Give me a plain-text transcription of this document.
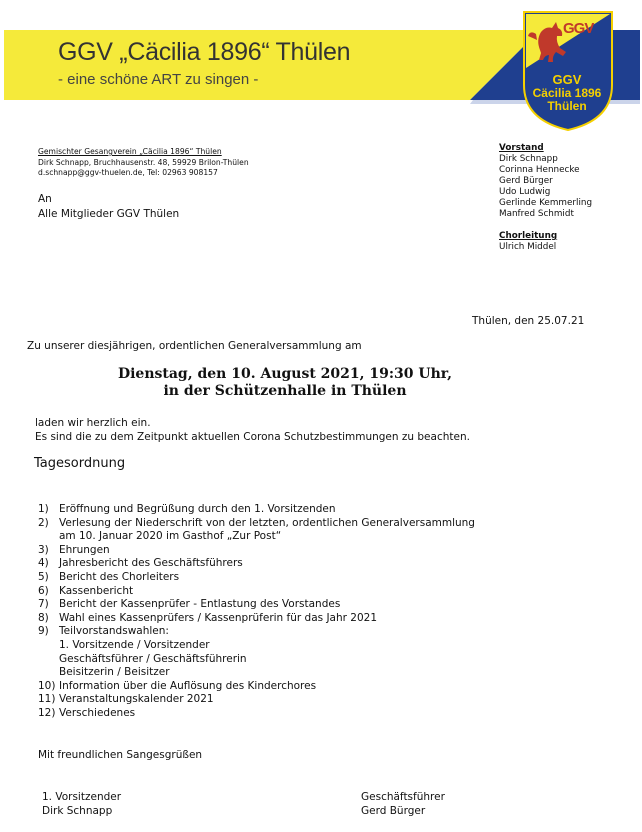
GGV „Cäcilia 1896“ Thülen
- eine schöne ART zu singen -
GGV
GGV
Cäcilia 1896
Thülen
Gemischter Gesangverein „Cäcilia 1896“ Thülen
Dirk Schnapp, Bruchhausenstr. 48, 59929 Brilon-Thülen
d.schnapp@ggv-thuelen.de, Tel: 02963 908157
An
Alle Mitglieder GGV Thülen
Vorstand
Dirk Schnapp
Corinna Hennecke
Gerd Bürger
Udo Ludwig
Gerlinde Kemmerling
Manfred Schmidt
Chorleitung
Ulrich Middel
Thülen, den 25.07.21
Zu unserer diesjährigen, ordentlichen Generalversammlung am
Dienstag, den 10. August 2021, 19:30 Uhr,
in der Schützenhalle in Thülen
laden wir herzlich ein.
Es sind die zu dem Zeitpunkt aktuellen Corona Schutzbestimmungen zu beachten.
Tagesordnung
1) Eröffnung und Begrüßung durch den 1. Vorsitzenden
2) Verlesung der Niederschrift von der letzten, ordentlichen Generalversammlung
am 10. Januar 2020 im Gasthof „Zur Post“
3) Ehrungen
4) Jahresbericht des Geschäftsführers
5) Bericht des Chorleiters
6) Kassenbericht
7) Bericht der Kassenprüfer - Entlastung des Vorstandes
8) Wahl eines Kassenprüfers / Kassenprüferin für das Jahr 2021
9) Teilvorstandswahlen:
1. Vorsitzende / Vorsitzender
Geschäftsführer / Geschäftsführerin
Beisitzerin / Beisitzer
10) Information über die Auflösung des Kinderchores
11) Veranstaltungskalender 2021
12) Verschiedenes
Mit freundlichen Sangesgrüßen
1. Vorsitzender
Dirk Schnapp
Geschäftsführer
Gerd Bürger
